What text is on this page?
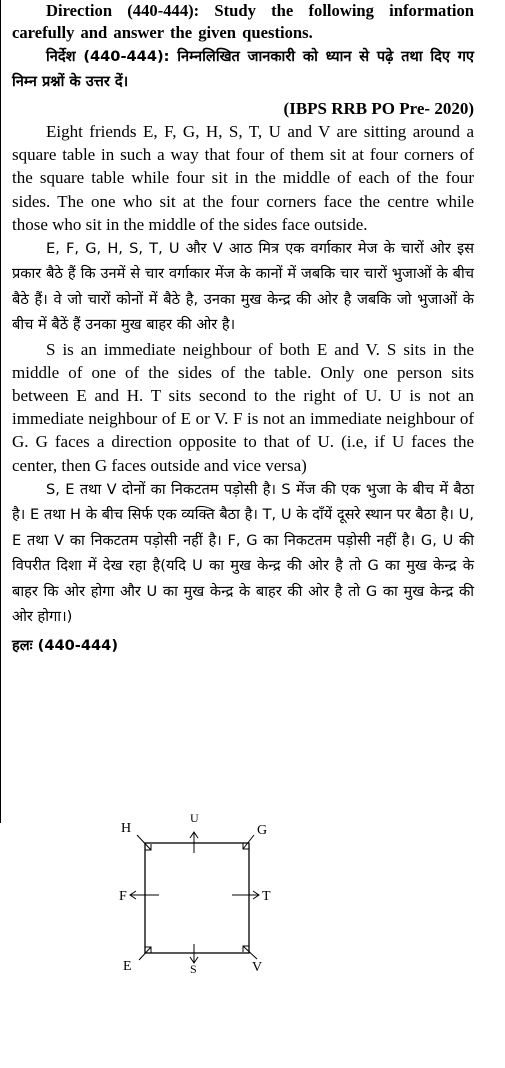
Direction (440-444): Study the following information carefully and answer the given questions.

निर्देश (440-444): निम्नलिखित जानकारी को ध्यान से पढ़े तथा दिए गए निम्न प्रश्नों के उत्तर दें।

(IBPS RRB PO Pre- 2020)

Eight friends E, F, G, H, S, T, U and V are sitting around a square table in such a way that four of them sit at four corners of the square table while four sit in the middle of each of the four sides. The one who sit at the four corners face the centre while those who sit in the middle of the sides face outside.

E, F, G, H, S, T, U और V आठ मित्र एक वर्गाकार मेज के चारों ओर इस प्रकार बैठे हैं कि उनमें से चार वर्गाकार मेंज के कानों में जबकि चार चारों भुजाओं के बीच बैठे हैं। वे जो चारों कोनों में बैठे है, उनका मुख केन्द्र की ओर है जबकि जो भुजाओं के बीच में बैठें हैं उनका मुख बाहर की ओर है।

S is an immediate neighbour of both E and V. S sits in the middle of one of the sides of the table. Only one person sits between E and H. T sits second to the right of U. U is not an immediate neighbour of E or V. F is not an immediate neighbour of G. G faces a direction opposite to that of U. (i.e, if U faces the center, then G faces outside and vice versa)

S, E तथा V दोनों का निकटतम पड़ोसी है। S मेंज की एक भुजा के बीच में बैठा है। E तथा H के बीच सिर्फ एक व्यक्ति बैठा है। T, U के दाँयें दूसरे स्थान पर बैठा है। U, E तथा V का निकटतम पड़ोसी नहीं है। F, G का निकटतम पड़ोसी नहीं है। G, U की विपरीत दिशा में देख रहा है(यदि U का मुख केन्द्र की ओर है तो G का मुख केन्द्र के बाहर कि ओर होगा और U का मुख केन्द्र के बाहर की ओर है तो G का मुख केन्द्र की ओर होगा।)

हलः (440-444)

H
U
G
F	T
E	S	V
